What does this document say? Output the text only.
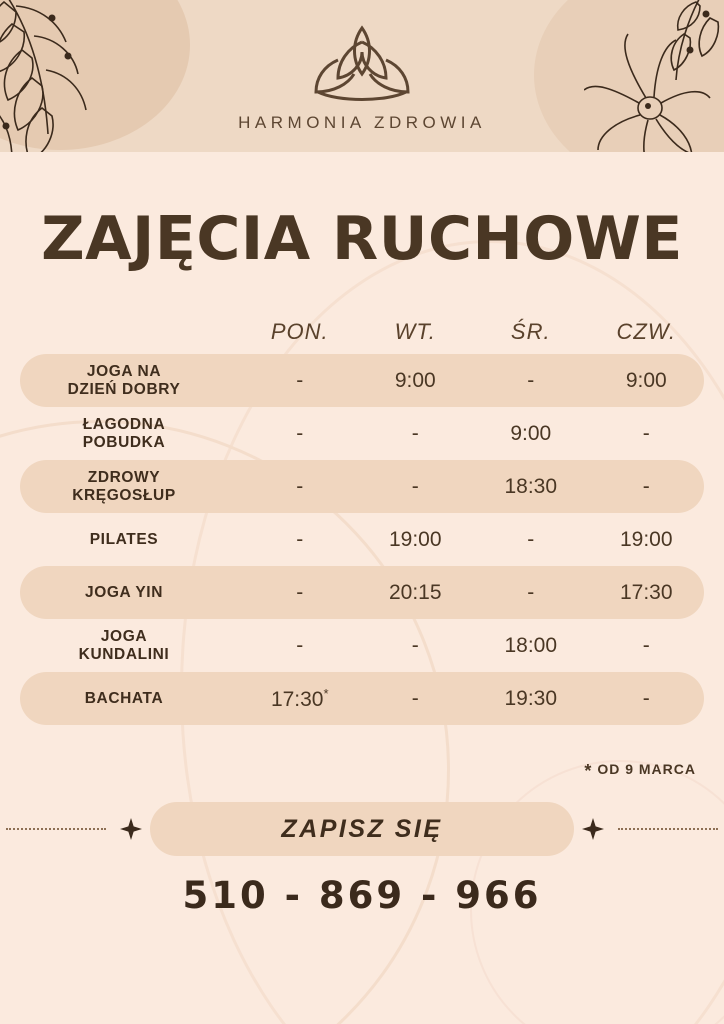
HARMONIA ZDROWIA
ZAJĘCIA RUCHOWE
PON.	WT.	ŚR.	CZW.
JOGA NA
DZIEŃ DOBRY	-	9:00	-	9:00
ŁAGODNA
POBUDKA	-	-	9:00	-
ZDROWY
KRĘGOSŁUP	-	-	18:30	-
PILATES	-	19:00	-	19:00
JOGA YIN	-	20:15	-	17:30
JOGA
KUNDALINI	-	-	18:00	-
BACHATA	17:30*	-	19:30	-
* OD 9 MARCA
ZAPISZ SIĘ
510 - 869 - 966
